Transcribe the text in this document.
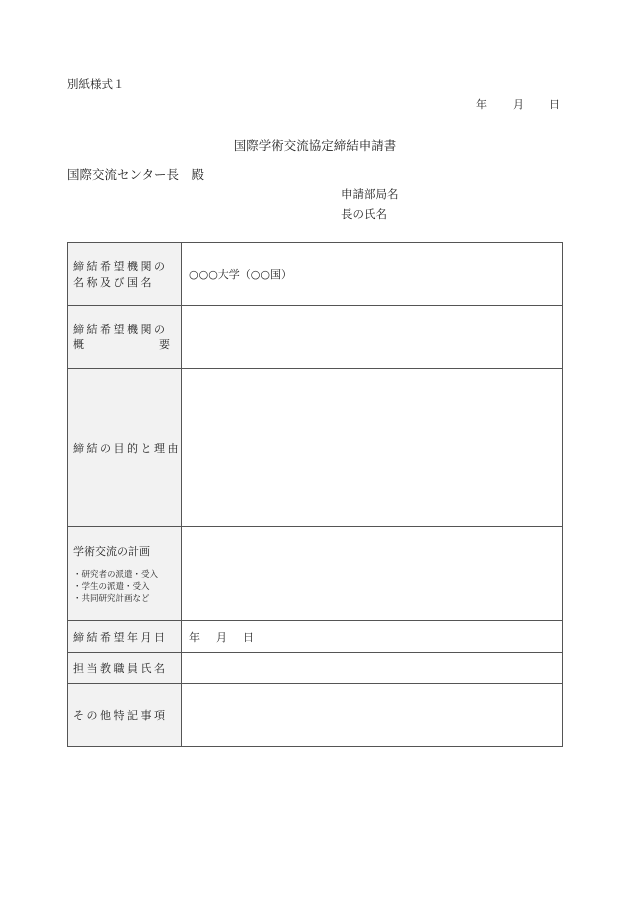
別紙様式１
年 月 日
国際学術交流協定締結申請書
国際交流センター長　殿
申請部局名
長の氏名
締結希望機関の
名称及び国名	○○○大学（○○国）

締結希望機関の
概 要	

締結の目的と理由	

学術交流の計画
・研究者の派遣・受入
・学生の派遣・受入
・共同研究計画など	

締結希望年月日	年 月 日

担当教職員氏名	

その他特記事項	
